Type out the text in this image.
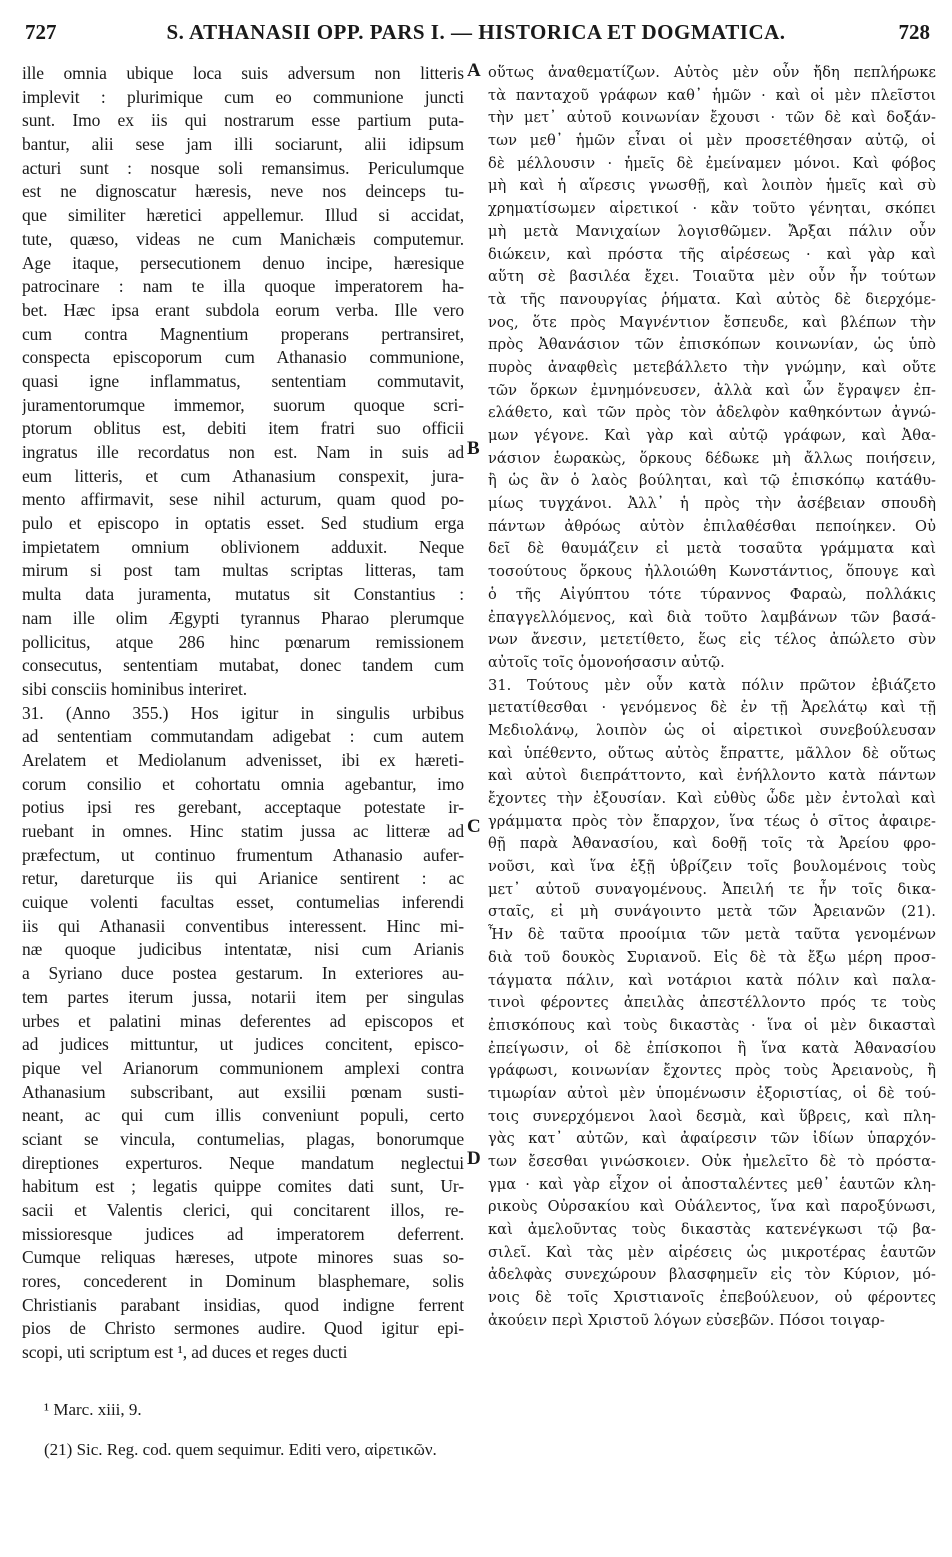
727	S. ATHANASII OPP. PARS I. — HISTORICA ET DOGMATICA.	728
ille omnia ubique loca suis adversum non litteris
implevit : plurimique cum eo communione juncti
sunt. Imo ex iis qui nostrarum esse partium puta-
bantur, alii sese jam illi sociarunt, alii idipsum
acturi sunt : nosque soli remansimus. Periculumque
est ne dignoscatur hæresis, neve nos deinceps tu-
que similiter hæretici appellemur. Illud si accidat,
tute, quæso, videas ne cum Manichæis computemur.
Age itaque, persecutionem denuo incipe, hæresique
patrocinare : nam te illa quoque imperatorem ha-
bet. Hæc ipsa erant subdola eorum verba. Ille vero
cum contra Magnentium properans pertransiret,
conspecta episcoporum cum Athanasio communione,
quasi igne inflammatus, sententiam commutavit,
juramentorumque immemor, suorum quoque scri-
ptorum oblitus est, debiti item fratri suo officii
ingratus ille recordatus non est. Nam in suis ad
eum litteris, et cum Athanasium conspexit, jura-
mento affirmavit, sese nihil acturum, quam quod po-
pulo et episcopo in optatis esset. Sed studium erga
impietatem omnium oblivionem adduxit. Neque
mirum si post tam multas scriptas litteras, tam
multa data juramenta, mutatus sit Constantius :
nam ille olim Ægypti tyrannus Pharao plerumque
pollicitus, atque 286 hinc pœnarum remissionem
consecutus, sententiam mutabat, donec tandem cum
sibi consciis hominibus interiret.
31. (Anno 355.) Hos igitur in singulis urbibus
ad sententiam commutandam adigebat : cum autem
Arelatem et Mediolanum advenisset, ibi ex hæreti-
corum consilio et cohortatu omnia agebantur, imo
potius ipsi res gerebant, acceptaque potestate ir-
ruebant in omnes. Hinc statim jussa ac litteræ ad
præfectum, ut continuo frumentum Athanasio aufer-
retur, dareturque iis qui Arianice sentirent : ac
cuique volenti facultas esset, contumelias inferendi
iis qui Athanasii conventibus interessent. Hinc mi-
næ quoque judicibus intentatæ, nisi cum Arianis
a Syriano duce postea gestarum. In exteriores au-
tem partes iterum jussa, notarii item per singulas
urbes et palatini minas deferentes ad episcopos et
ad judices mittuntur, ut judices concitent, episco-
pique vel Arianorum communionem amplexi contra
Athanasium subscribant, aut exsilii pœnam susti-
neant, ac qui cum illis conveniunt populi, certo
sciant se vincula, contumelias, plagas, bonorumque
direptiones experturos. Neque mandatum neglectui
habitum est ; legatis quippe comites dati sunt, Ur-
sacii et Valentis clerici, qui concitarent illos, re-
missioresque judices ad imperatorem deferrent.
Cumque reliquas hæreses, utpote minores suas so-
rores, concederent in Dominum blasphemare, solis
Christianis parabant insidias, quod indigne ferrent
pios de Christo sermones audire. Quod igitur epi-
scopi, uti scriptum est ¹, ad duces et reges ducti
οὕτως ἀναθεματίζων. Αὐτὸς μὲν οὖν ἤδη πεπλήρωκε
τὰ πανταχοῦ γράφων καθ᾽ ἡμῶν · καὶ οἱ μὲν πλεῖστοι
τὴν μετ᾽ αὐτοῦ κοινωνίαν ἔχουσι · τῶν δὲ καὶ δοξάν-
των μεθ᾽ ἡμῶν εἶναι οἱ μὲν προσετέθησαν αὐτῷ, οἱ
δὲ μέλλουσιν · ἡμεῖς δὲ ἐμείναμεν μόνοι. Καὶ φόβος
μὴ καὶ ἡ αἵρεσις γνωσθῇ, καὶ λοιπὸν ἡμεῖς καὶ σὺ
χρηματίσωμεν αἱρετικοί · κἂν τοῦτο γένηται, σκόπει
μὴ μετὰ Μανιχαίων λογισθῶμεν. Ἄρξαι πάλιν οὖν
διώκειν, καὶ πρόστα τῆς αἱρέσεως · καὶ γὰρ καὶ
αὕτη σὲ βασιλέα ἔχει. Τοιαῦτα μὲν οὖν ἦν τούτων
τὰ τῆς πανουργίας ῥήματα. Καὶ αὐτὸς δὲ διερχόμε-
νος, ὅτε πρὸς Μαγνέντιον ἔσπευδε, καὶ βλέπων τὴν
πρὸς Ἀθανάσιον τῶν ἐπισκόπων κοινωνίαν, ὡς ὑπὸ
πυρὸς ἀναφθεὶς μετεβάλλετο τὴν γνώμην, καὶ οὔτε
τῶν ὅρκων ἐμνημόνευσεν, ἀλλὰ καὶ ὧν ἔγραψεν ἐπ-
ελάθετο, καὶ τῶν πρὸς τὸν ἀδελφὸν καθηκόντων ἀγνώ-
μων γέγονε. Καὶ γὰρ καὶ αὐτῷ γράφων, καὶ Ἀθα-
νάσιον ἑωρακὼς, ὅρκους δέδωκε μὴ ἄλλως ποιήσειν,
ἢ ὡς ἂν ὁ λαὸς βούληται, καὶ τῷ ἐπισκόπῳ κατάθυ-
μίως τυγχάνοι. Ἀλλ᾽ ἡ πρὸς τὴν ἀσέβειαν σπουδὴ
πάντων ἀθρόως αὐτὸν ἐπιλαθέσθαι πεποίηκεν. Οὐ
δεῖ δὲ θαυμάζειν εἰ μετὰ τοσαῦτα γράμματα καὶ
τοσούτους ὅρκους ἠλλοιώθη Κωνστάντιος, ὅπουγε καὶ
ὁ τῆς Αἰγύπτου τότε τύραννος Φαραὼ, πολλάκις
ἐπαγγελλόμενος, καὶ διὰ τοῦτο λαμβάνων τῶν βασά-
νων ἄνεσιν, μετετίθετο, ἕως εἰς τέλος ἀπώλετο σὺν
αὐτοῖς τοῖς ὁμονοήσασιν αὐτῷ.
31. Τούτους μὲν οὖν κατὰ πόλιν πρῶτον ἐβιάζετο
μετατίθεσθαι · γενόμενος δὲ ἐν τῇ Ἀρελάτῳ καὶ τῇ
Μεδιολάνῳ, λοιπὸν ὡς οἱ αἱρετικοὶ συνεβούλευσαν
καὶ ὑπέθεντο, οὕτως αὐτὸς ἔπραττε, μᾶλλον δὲ οὕτως
καὶ αὐτοὶ διεπράττοντο, καὶ ἐνήλλοντο κατὰ πάντων
ἔχοντες τὴν ἐξουσίαν. Καὶ εὐθὺς ὧδε μὲν ἐντολαὶ καὶ
γράμματα πρὸς τὸν ἔπαρχον, ἵνα τέως ὁ σῖτος ἀφαιρε-
θῇ παρὰ Ἀθανασίου, καὶ δοθῇ τοῖς τὰ Ἀρείου φρο-
νοῦσι, καὶ ἵνα ἐξῇ ὑβρίζειν τοῖς βουλομένοις τοὺς
μετ᾽ αὐτοῦ συναγομένους. Ἀπειλή τε ἦν τοῖς δικα-
σταῖς, εἰ μὴ συνάγοιντο μετὰ τῶν Ἀρειανῶν (21).
Ἦν δὲ ταῦτα προοίμια τῶν μετὰ ταῦτα γενομένων
διὰ τοῦ δουκὸς Συριανοῦ. Εἰς δὲ τὰ ἔξω μέρη προσ-
τάγματα πάλιν, καὶ νοτάριοι κατὰ πόλιν καὶ παλα-
τινοὶ φέροντες ἀπειλὰς ἀπεστέλλοντο πρός τε τοὺς
ἐπισκόπους καὶ τοὺς δικαστὰς · ἵνα οἱ μὲν δικασταὶ
ἐπείγωσιν, οἱ δὲ ἐπίσκοποι ἢ ἵνα κατὰ Ἀθανασίου
γράφωσι, κοινωνίαν ἔχοντες πρὸς τοὺς Ἀρειανοὺς, ἢ
τιμωρίαν αὐτοὶ μὲν ὑπομένωσιν ἐξοριστίας, οἱ δὲ τού-
τοις συνερχόμενοι λαοὶ δεσμὰ, καὶ ὕβρεις, καὶ πλη-
γὰς κατ᾽ αὐτῶν, καὶ ἀφαίρεσιν τῶν ἰδίων ὑπαρχόν-
των ἔσεσθαι γινώσκοιεν. Οὐκ ἠμελεῖτο δὲ τὸ πρόστα-
γμα · καὶ γὰρ εἶχον οἱ ἀποσταλέντες μεθ᾽ ἑαυτῶν κλη-
ρικοὺς Οὐρσακίου καὶ Οὐάλεντος, ἵνα καὶ παροξύνωσι,
καὶ ἀμελοῦντας τοὺς δικαστὰς κατενέγκωσι τῷ βα-
σιλεῖ. Καὶ τὰς μὲν αἱρέσεις ὡς μικροτέρας ἑαυτῶν
ἀδελφὰς συνεχώρουν βλασφημεῖν εἰς τὸν Κύριον, μό-
νοις δὲ τοῖς Χριστιανοῖς ἐπεβούλευον, οὐ φέροντες
ἀκούειν περὶ Χριστοῦ λόγων εὐσεβῶν. Πόσοι τοιγαρ-
A
B
C
D
¹ Marc. xiii, 9.
(21) Sic. Reg. cod. quem sequimur. Editi vero, αἱρετικῶν.
